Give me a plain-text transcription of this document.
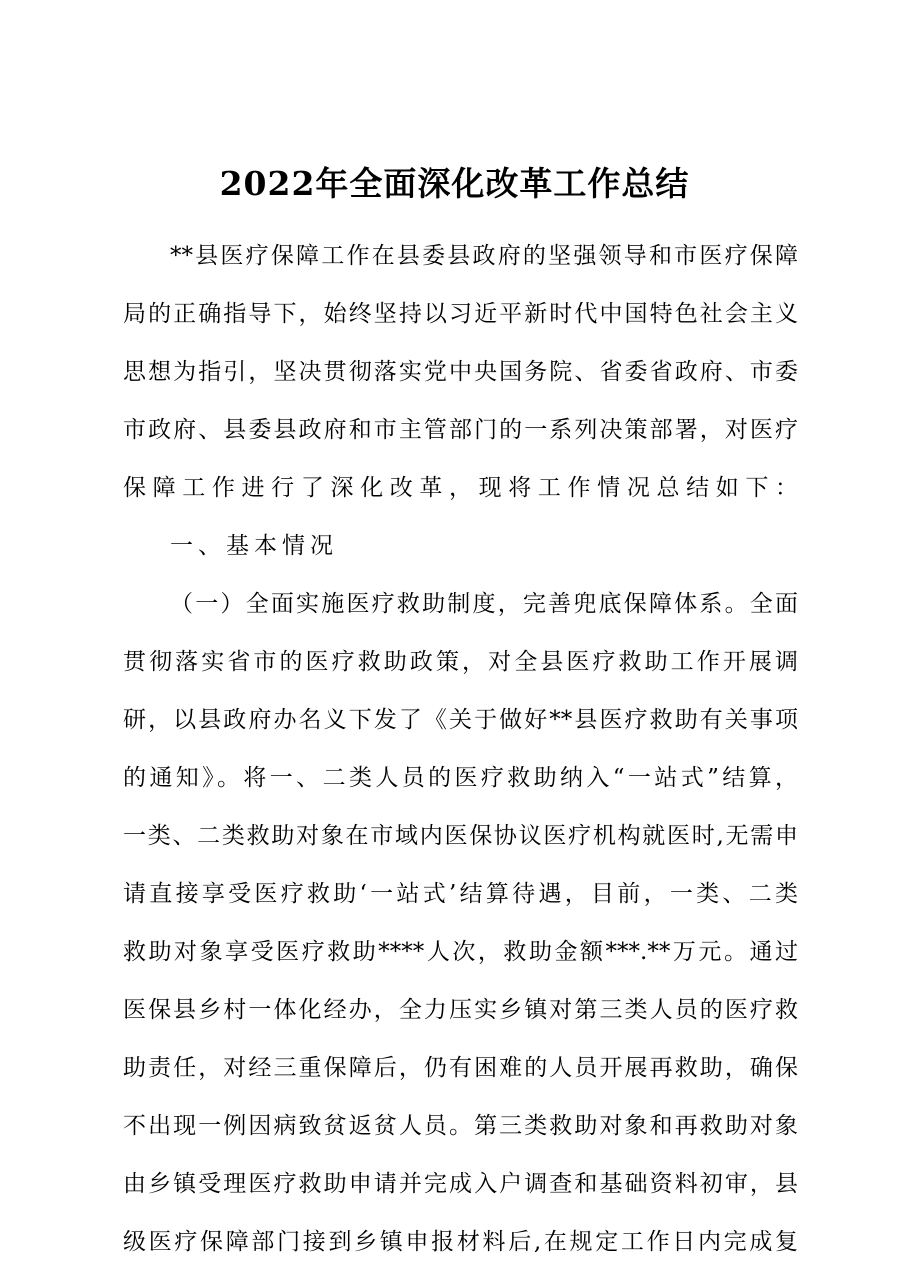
2022年全面深化改革工作总结

**县医疗保障工作在县委县政府的坚强领导和市医疗保障

局的正确指导下，始终坚持以习近平新时代中国特色社会主义

思想为指引，坚决贯彻落实党中央国务院、省委省政府、市委

市政府、县委县政府和市主管部门的一系列决策部署，对医疗

保障工作进行了深化改革，现将工作情况总结如下：

一、基本情况

（一）全面实施医疗救助制度，完善兜底保障体系。全面

贯彻落实省市的医疗救助政策，对全县医疗救助工作开展调

研，以县政府办名义下发了《关于做好**县医疗救助有关事项

的通知》。将一、二类人员的医疗救助纳入“一站式”结算，

一类、二类救助对象在市域内医保协议医疗机构就医时,无需申

请直接享受医疗救助‘一站式’结算待遇，目前，一类、二类

救助对象享受医疗救助****人次，救助金额***.**万元。通过

医保县乡村一体化经办，全力压实乡镇对第三类人员的医疗救

助责任，对经三重保障后，仍有困难的人员开展再救助，确保

不出现一例因病致贫返贫人员。第三类救助对象和再救助对象

由乡镇受理医疗救助申请并完成入户调查和基础资料初审，县

级医疗保障部门接到乡镇申报材料后,在规定工作日内完成复
